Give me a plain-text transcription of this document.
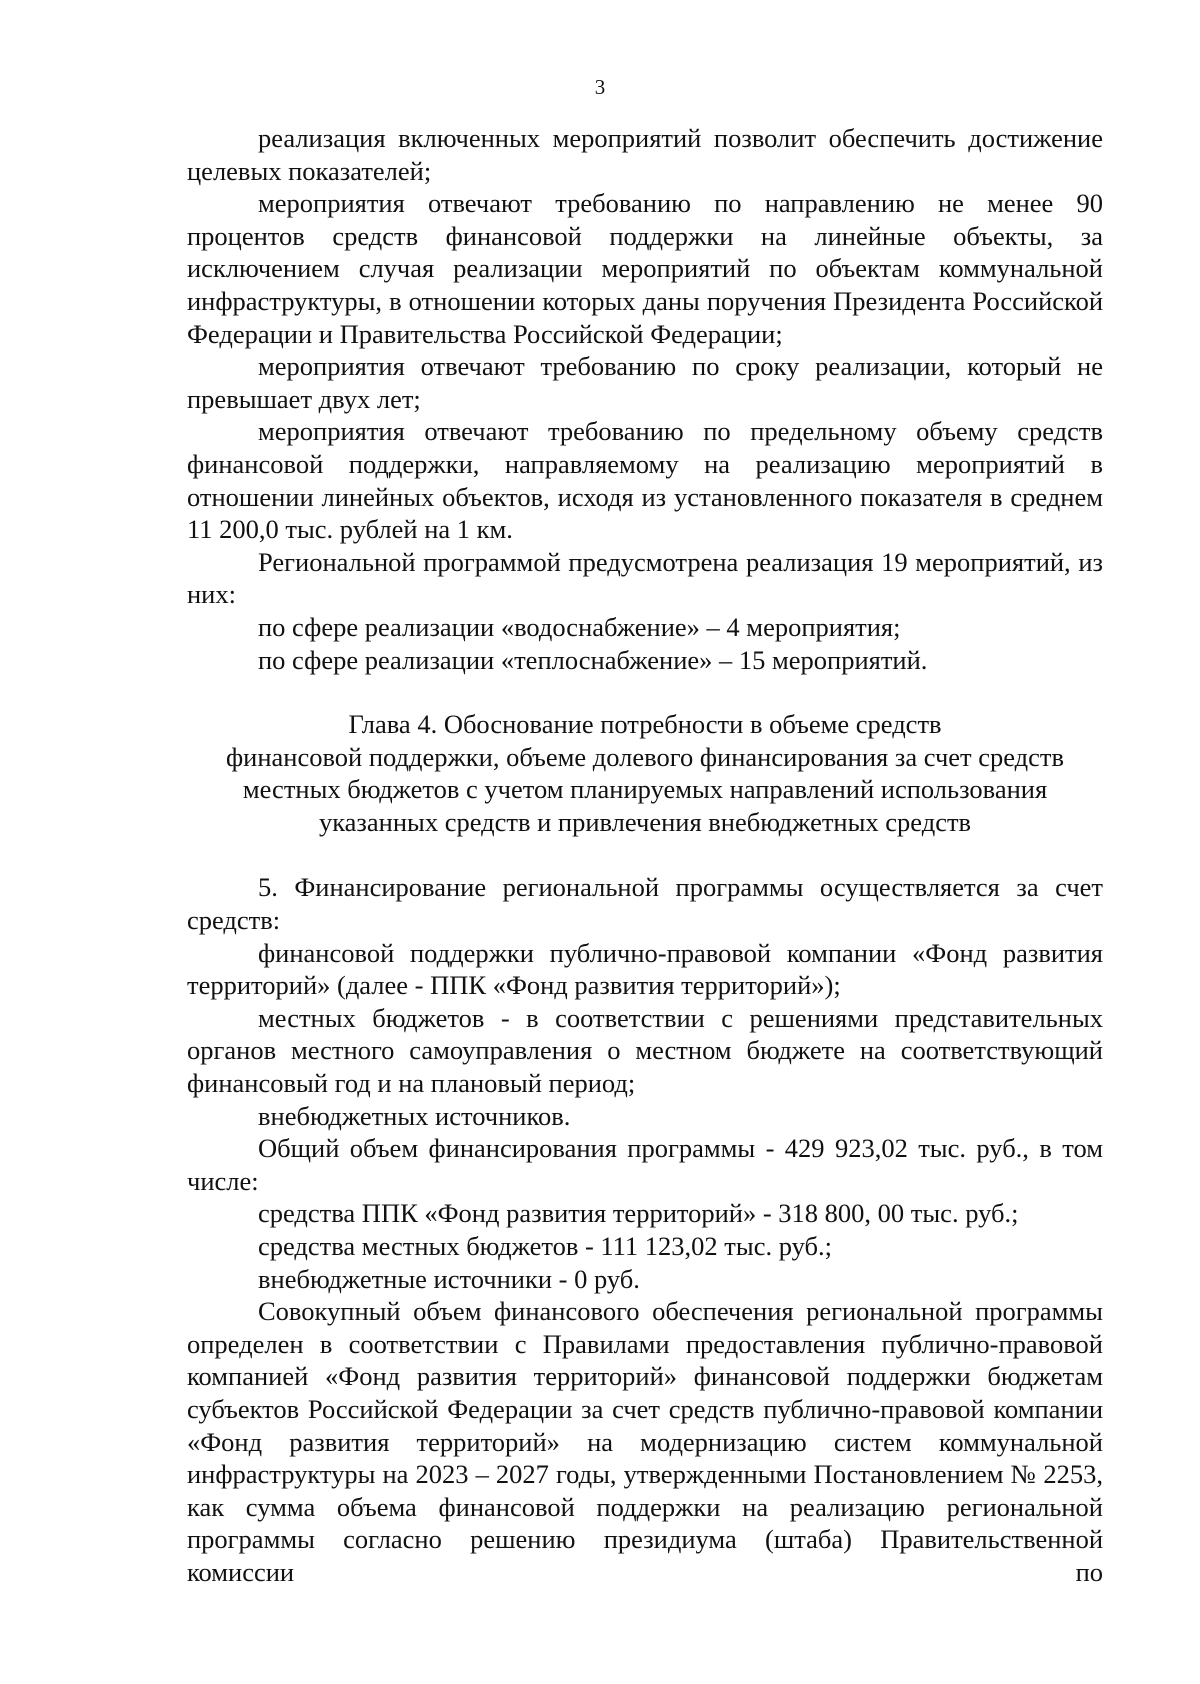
3

реализация включенных мероприятий позволит обеспечить достижение целевых показателей;

мероприятия отвечают требованию по направлению не менее 90 процентов средств финансовой поддержки на линейные объекты, за исключением случая реализации мероприятий по объектам коммунальной инфраструктуры, в отношении которых даны поручения Президента Российской Федерации и Правительства Российской Федерации;

мероприятия отвечают требованию по сроку реализации, который не превышает двух лет;

мероприятия отвечают требованию по предельному объему средств финансовой поддержки, направляемому на реализацию мероприятий в отношении линейных объектов, исходя из установленного показателя в среднем 11 200,0 тыс. рублей на 1 км.

Региональной программой предусмотрена реализация 19 мероприятий, из них:

по сфере реализации «водоснабжение» – 4 мероприятия;

по сфере реализации «теплоснабжение» – 15 мероприятий.

Глава 4. Обоснование потребности в объеме средств
финансовой поддержки, объеме долевого финансирования за счет средств
местных бюджетов с учетом планируемых направлений использования
указанных средств и привлечения внебюджетных средств

5. Финансирование региональной программы осуществляется за счет средств:

финансовой поддержки публично-правовой компании «Фонд развития территорий» (далее - ППК «Фонд развития территорий»);

местных бюджетов - в соответствии с решениями представительных органов местного самоуправления о местном бюджете на соответствующий финансовый год и на плановый период;

внебюджетных источников.

Общий объем финансирования программы - 429 923,02 тыс. руб., в том числе:

средства ППК «Фонд развития территорий» - 318 800, 00 тыс. руб.;

средства местных бюджетов - 111 123,02 тыс. руб.;

внебюджетные источники - 0 руб.

Совокупный объем финансового обеспечения региональной программы определен в соответствии с Правилами предоставления публично-правовой компанией «Фонд развития территорий» финансовой поддержки бюджетам субъектов Российской Федерации за счет средств публично-правовой компании «Фонд развития территорий» на модернизацию систем коммунальной инфраструктуры на 2023 – 2027 годы, утвержденными Постановлением № 2253, как сумма объема финансовой поддержки на реализацию региональной программы согласно решению президиума (штаба) Правительственной комиссии по
